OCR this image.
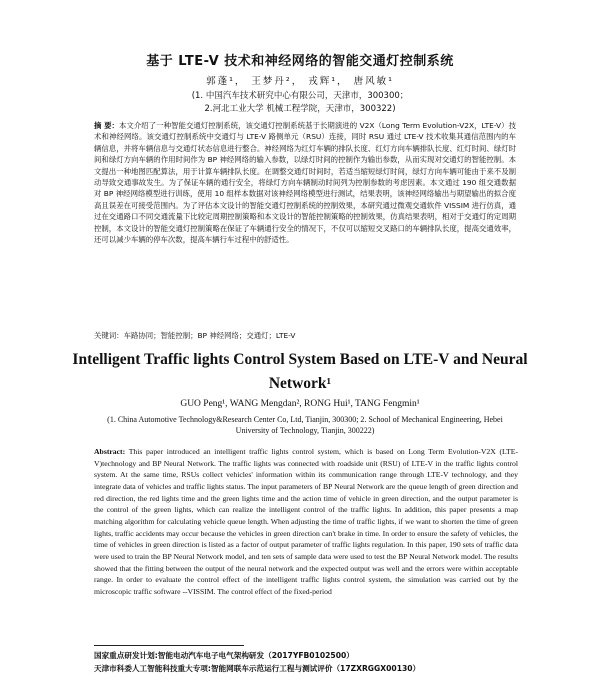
基于 LTE-V 技术和神经网络的智能交通灯控制系统
郭蓬¹， 王梦丹²， 戎辉¹， 唐风敏¹
(1. 中国汽车技术研究中心有限公司，天津市，300300；
2.河北工业大学 机械工程学院，天津市，300322)
摘 要：本文介绍了一种智能交通灯控制系统，该交通灯控制系统基于长期演进的 V2X（Long Term Evolution-V2X，LTE-V）技术和神经网络。该交通灯控制系统中交通灯与 LTE-V 路侧单元（RSU）连接，同时 RSU 通过 LTE-V 技术收集其通信范围内的车辆信息，并将车辆信息与交通灯状态信息进行整合。神经网络为红灯车辆的排队长度、红灯方向车辆排队长度、红灯时间、绿灯时间和绿灯方向车辆的作用时间作为 BP 神经网络的输入参数，以绿灯时间的控制作为输出参数，从而实现对交通灯的智能控制。本文提出一种地图匹配算法，用于计算车辆排队长度。在调整交通灯时间时，若适当缩短绿灯时间，绿灯方向车辆可能由于来不及制动导致交通事故发生。为了保证车辆的通行安全，将绿灯方向车辆制动时间列为控制参数的考虑因素。本文通过 190 组交通数据对 BP 神经网络模型进行训练，使用 10 组样本数据对该神经网络模型进行测试，结果表明，该神经网络输出与期望输出的拟合度高且误差在可接受范围内。为了评估本文设计的智能交通灯控制系统的控制效果，本研究通过微观交通软件 VISSIM 进行仿真，通过在交通路口不同交通流量下比较定周期控制策略和本文设计的智能控制策略的控制效果，仿真结果表明，相对于交通灯的定周期控制，本文设计的智能交通灯控制策略在保证了车辆通行安全的情况下，不仅可以缩短交叉路口的车辆排队长度，提高交通效率，还可以减少车辆的停车次数，提高车辆行车过程中的舒适性。
关键词：车路协同；智能控制；BP 神经网络；交通灯；LTE-V
Intelligent Traffic lights Control System Based on LTE-V and Neural
Network¹
GUO Peng¹, WANG Mengdan², RONG Hui¹, TANG Fengmin¹
(1. China Automotive Technology&Research Center Co, Ltd, Tianjin, 300300; 2. School of Mechanical Engineering, Hebei University of Technology, Tianjin, 300222)
Abstract: This paper introduced an intelligent traffic lights control system, which is based on Long Term Evolution-V2X (LTE-V)technology and BP Neural Network. The traffic lights was connected with roadside unit (RSU) of LTE-V in the traffic lights control system. At the same time, RSUs collect vehicles' information within its communication range through LTE-V technology, and they integrate data of vehicles and traffic lights status. The input parameters of BP Neural Network are the queue length of green direction and red direction, the red lights time and the green lights time and the action time of vehicle in green direction, and the output parameter is the control of the green lights, which can realize the intelligent control of the traffic lights. In addition, this paper presents a map matching algorithm for calculating vehicle queue length. When adjusting the time of traffic lights, if we want to shorten the time of green lights, traffic accidents may occur because the vehicles in green direction can't brake in time. In order to ensure the safety of vehicles, the time of vehicles in green direction is listed as a factor of output parameter of traffic lights regulation. In this paper, 190 sets of traffic data were used to train the BP Neural Network model, and ten sets of sample data were used to test the BP Neural Network model. The results showed that the fitting between the output of the neural network and the expected output was well and the errors were within acceptable range. In order to evaluate the control effect of the intelligent traffic lights control system, the simulation was carried out by the microscopic traffic software --VISSIM. The control effect of the fixed-period
国家重点研发计划:智能电动汽车电子电气架构研发（2017YFB0102500）
天津市科委人工智能科技重大专项:智能网联车示范运行工程与测试评价（17ZXRGGX00130）
